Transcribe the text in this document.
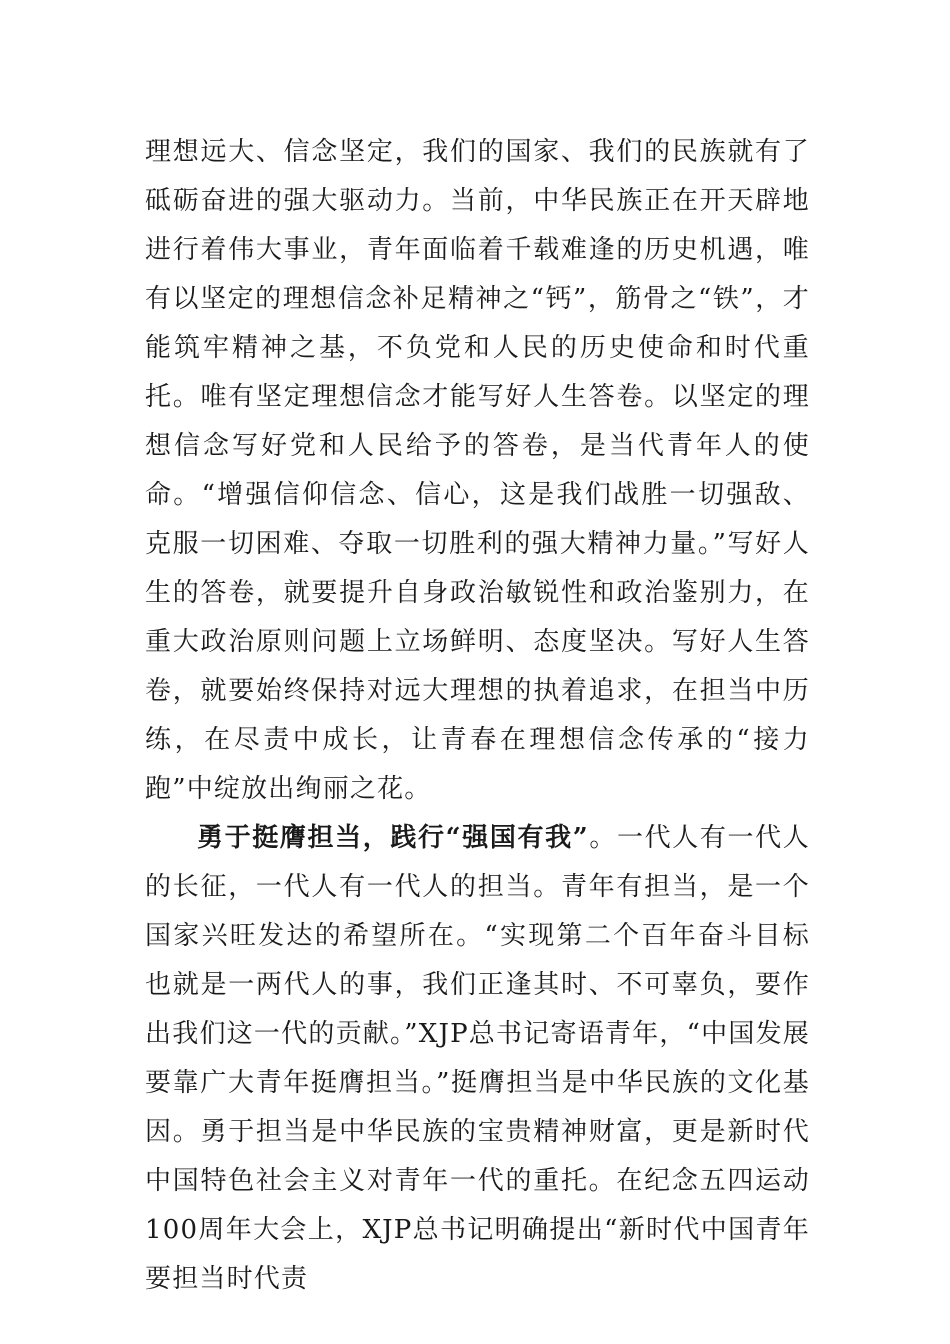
理想远大、信念坚定，我们的国家、我们的民族就有了砥砺奋进的强大驱动力。当前，中华民族正在开天辟地进行着伟大事业，青年面临着千载难逢的历史机遇，唯有以坚定的理想信念补足精神之“钙”，筋骨之“铁”，才能筑牢精神之基，不负党和人民的历史使命和时代重托。唯有坚定理想信念才能写好人生答卷。以坚定的理想信念写好党和人民给予的答卷，是当代青年人的使命。“增强信仰信念、信心，这是我们战胜一切强敌、克服一切困难、夺取一切胜利的强大精神力量。”写好人生的答卷，就要提升自身政治敏锐性和政治鉴别力，在重大政治原则问题上立场鲜明、态度坚决。写好人生答卷，就要始终保持对远大理想的执着追求，在担当中历练，在尽责中成长，让青春在理想信念传承的“接力跑”中绽放出绚丽之花。

勇于挺膺担当，践行“强国有我”。一代人有一代人的长征，一代人有一代人的担当。青年有担当，是一个国家兴旺发达的希望所在。“实现第二个百年奋斗目标也就是一两代人的事，我们正逢其时、不可辜负，要作出我们这一代的贡献。”XJP总书记寄语青年，“中国发展要靠广大青年挺膺担当。”挺膺担当是中华民族的文化基因。勇于担当是中华民族的宝贵精神财富，更是新时代中国特色社会主义对青年一代的重托。在纪念五四运动100周年大会上，XJP总书记明确提出“新时代中国青年要担当时代责
